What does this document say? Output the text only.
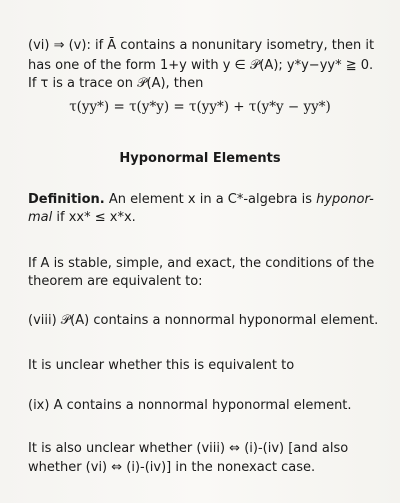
(vi) ⇒ (v): if Ā contains a nonunitary isometry, then it
has one of the form 1+y with y ∈ 𝒫(A); y*y−yy* ≧ 0.
If τ is a trace on 𝒫(A), then
τ(yy*) = τ(y*y) = τ(yy*) + τ(y*y − yy*)
Hyponormal Elements
Definition. An element x in a C*-algebra is hyponor-
mal if xx* ≤ x*x.
If A is stable, simple, and exact, the conditions of the
theorem are equivalent to:
(viii) 𝒫(A) contains a nonnormal hyponormal element.
It is unclear whether this is equivalent to
(ix) A contains a nonnormal hyponormal element.
It is also unclear whether (viii) ⇔ (i)-(iv) [and also
whether (vi) ⇔ (i)-(iv)] in the nonexact case.
